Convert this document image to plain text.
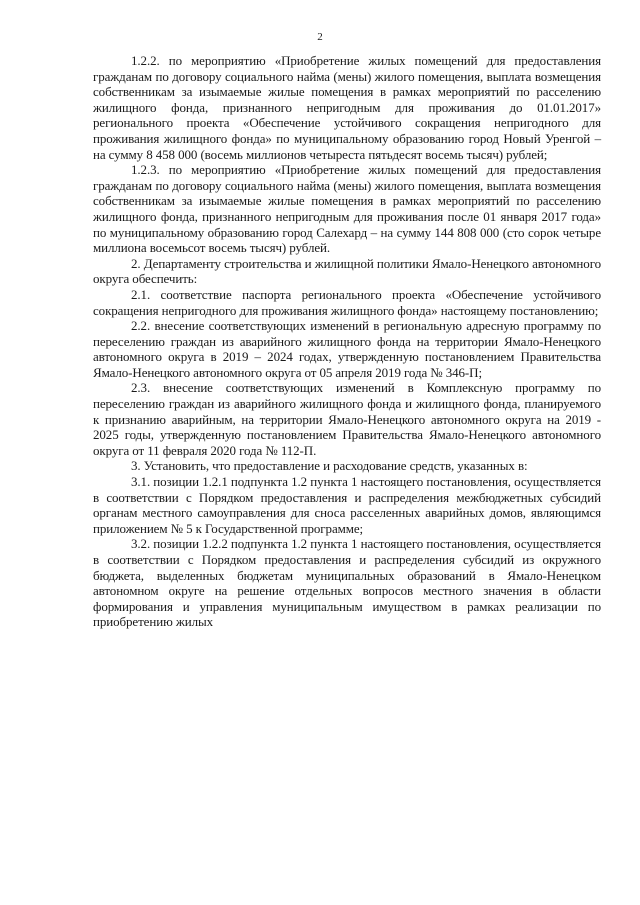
2

1.2.2. по мероприятию «Приобретение жилых помещений для предоставления гражданам по договору социального найма (мены) жилого помещения, выплата возмещения собственникам за изымаемые жилые помещения в рамках мероприятий по расселению жилищного фонда, признанного непригодным для проживания до 01.01.2017» регионального проекта «Обеспечение устойчивого сокращения непригодного для проживания жилищного фонда» по муниципальному образованию город Новый Уренгой – на сумму 8 458 000 (восемь миллионов четыреста пятьдесят восемь тысяч) рублей;

1.2.3. по мероприятию «Приобретение жилых помещений для предоставления гражданам по договору социального найма (мены) жилого помещения, выплата возмещения собственникам за изымаемые жилые помещения в рамках мероприятий по расселению жилищного фонда, признанного непригодным для проживания после 01 января 2017 года» по муниципальному образованию город Салехард – на сумму 144 808 000 (сто сорок четыре миллиона восемьсот восемь тысяч) рублей.

2. Департаменту строительства и жилищной политики Ямало-Ненецкого автономного округа обеспечить:

2.1. соответствие паспорта регионального проекта «Обеспечение устойчивого сокращения непригодного для проживания жилищного фонда» настоящему постановлению;

2.2. внесение соответствующих изменений в региональную адресную программу по переселению граждан из аварийного жилищного фонда на территории Ямало-Ненецкого автономного округа в 2019 – 2024 годах, утвержденную постановлением Правительства Ямало-Ненецкого автономного округа от 05 апреля 2019 года № 346-П;

2.3. внесение соответствующих изменений в Комплексную программу по переселению граждан из аварийного жилищного фонда и жилищного фонда, планируемого к признанию аварийным, на территории Ямало-Ненецкого автономного округа на 2019 - 2025 годы, утвержденную постановлением Правительства Ямало-Ненецкого автономного округа от 11 февраля 2020 года № 112-П.

3. Установить, что предоставление и расходование средств, указанных в:

3.1. позиции 1.2.1 подпункта 1.2 пункта 1 настоящего постановления, осуществляется в соответствии с Порядком предоставления и распределения межбюджетных субсидий органам местного самоуправления для сноса расселенных аварийных домов, являющимся приложением № 5 к Государственной программе;

3.2. позиции 1.2.2 подпункта 1.2 пункта 1 настоящего постановления, осуществляется в соответствии с Порядком предоставления и распределения субсидий из окружного бюджета, выделенных бюджетам муниципальных образований в Ямало-Ненецком автономном округе на решение отдельных вопросов местного значения в области формирования и управления муниципальным имуществом в рамках реализации по приобретению жилых
